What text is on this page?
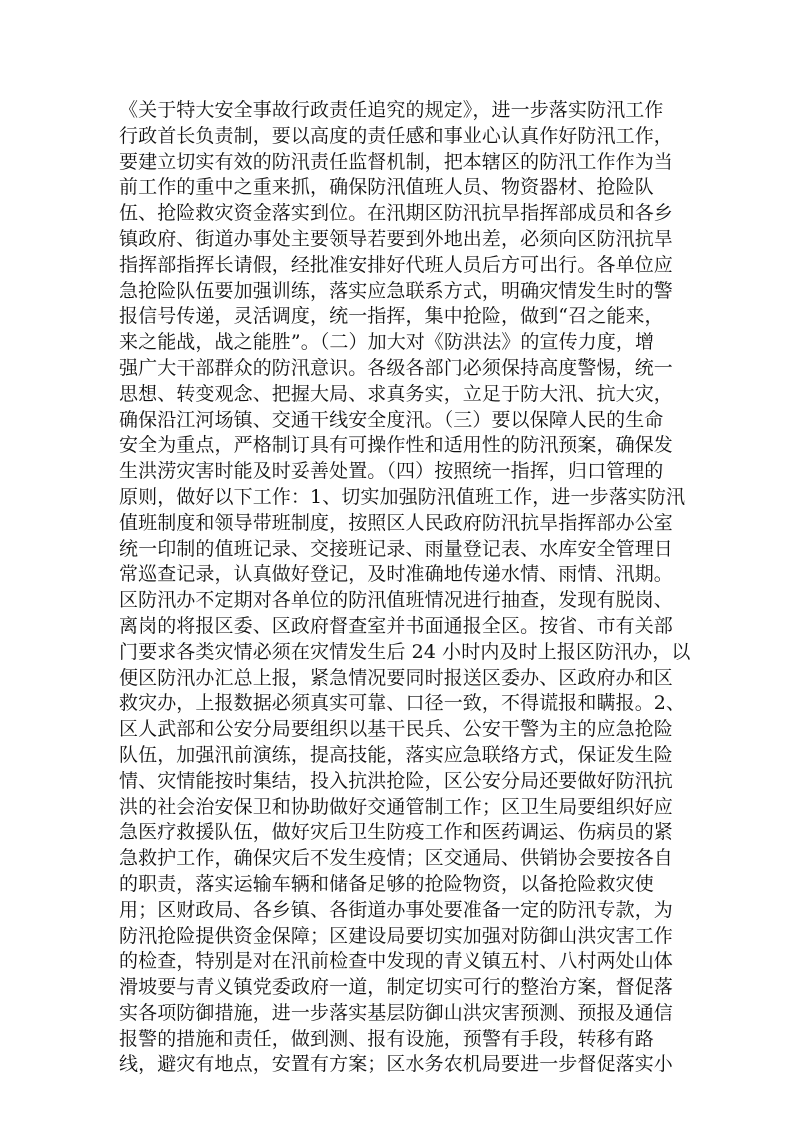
《关于特大安全事故行政责任追究的规定》，进一步落实防汛工作
行政首长负责制，要以高度的责任感和事业心认真作好防汛工作，
要建立切实有效的防汛责任监督机制，把本辖区的防汛工作作为当
前工作的重中之重来抓，确保防汛值班人员、物资器材、抢险队
伍、抢险救灾资金落实到位。在汛期区防汛抗旱指挥部成员和各乡
镇政府、街道办事处主要领导若要到外地出差，必须向区防汛抗旱
指挥部指挥长请假，经批准安排好代班人员后方可出行。各单位应
急抢险队伍要加强训练，落实应急联系方式，明确灾情发生时的警
报信号传递，灵活调度，统一指挥，集中抢险，做到“召之能来，
来之能战，战之能胜”。（二）加大对《防洪法》的宣传力度，增
强广大干部群众的防汛意识。各级各部门必须保持高度警惕，统一
思想、转变观念、把握大局、求真务实，立足于防大汛、抗大灾，
确保沿江河场镇、交通干线安全度汛。（三）要以保障人民的生命
安全为重点，严格制订具有可操作性和适用性的防汛预案，确保发
生洪涝灾害时能及时妥善处置。（四）按照统一指挥，归口管理的
原则，做好以下工作：1、切实加强防汛值班工作，进一步落实防汛
值班制度和领导带班制度，按照区人民政府防汛抗旱指挥部办公室
统一印制的值班记录、交接班记录、雨量登记表、水库安全管理日
常巡查记录，认真做好登记，及时准确地传递水情、雨情、汛期。
区防汛办不定期对各单位的防汛值班情况进行抽查，发现有脱岗、
离岗的将报区委、区政府督查室并书面通报全区。按省、市有关部
门要求各类灾情必须在灾情发生后 24 小时内及时上报区防汛办，以
便区防汛办汇总上报，紧急情况要同时报送区委办、区政府办和区
救灾办，上报数据必须真实可靠、口径一致，不得谎报和瞒报。2、
区人武部和公安分局要组织以基干民兵、公安干警为主的应急抢险
队伍，加强汛前演练，提高技能，落实应急联络方式，保证发生险
情、灾情能按时集结，投入抗洪抢险，区公安分局还要做好防汛抗
洪的社会治安保卫和协助做好交通管制工作；区卫生局要组织好应
急医疗救援队伍，做好灾后卫生防疫工作和医药调运、伤病员的紧
急救护工作，确保灾后不发生疫情；区交通局、供销协会要按各自
的职责，落实运输车辆和储备足够的抢险物资，以备抢险救灾使
用；区财政局、各乡镇、各街道办事处要准备一定的防汛专款，为
防汛抢险提供资金保障；区建设局要切实加强对防御山洪灾害工作
的检查，特别是对在汛前检查中发现的青义镇五村、八村两处山体
滑坡要与青义镇党委政府一道，制定切实可行的整治方案，督促落
实各项防御措施，进一步落实基层防御山洪灾害预测、预报及通信
报警的措施和责任，做到测、报有设施，预警有手段，转移有路
线，避灾有地点，安置有方案；区水务农机局要进一步督促落实小
